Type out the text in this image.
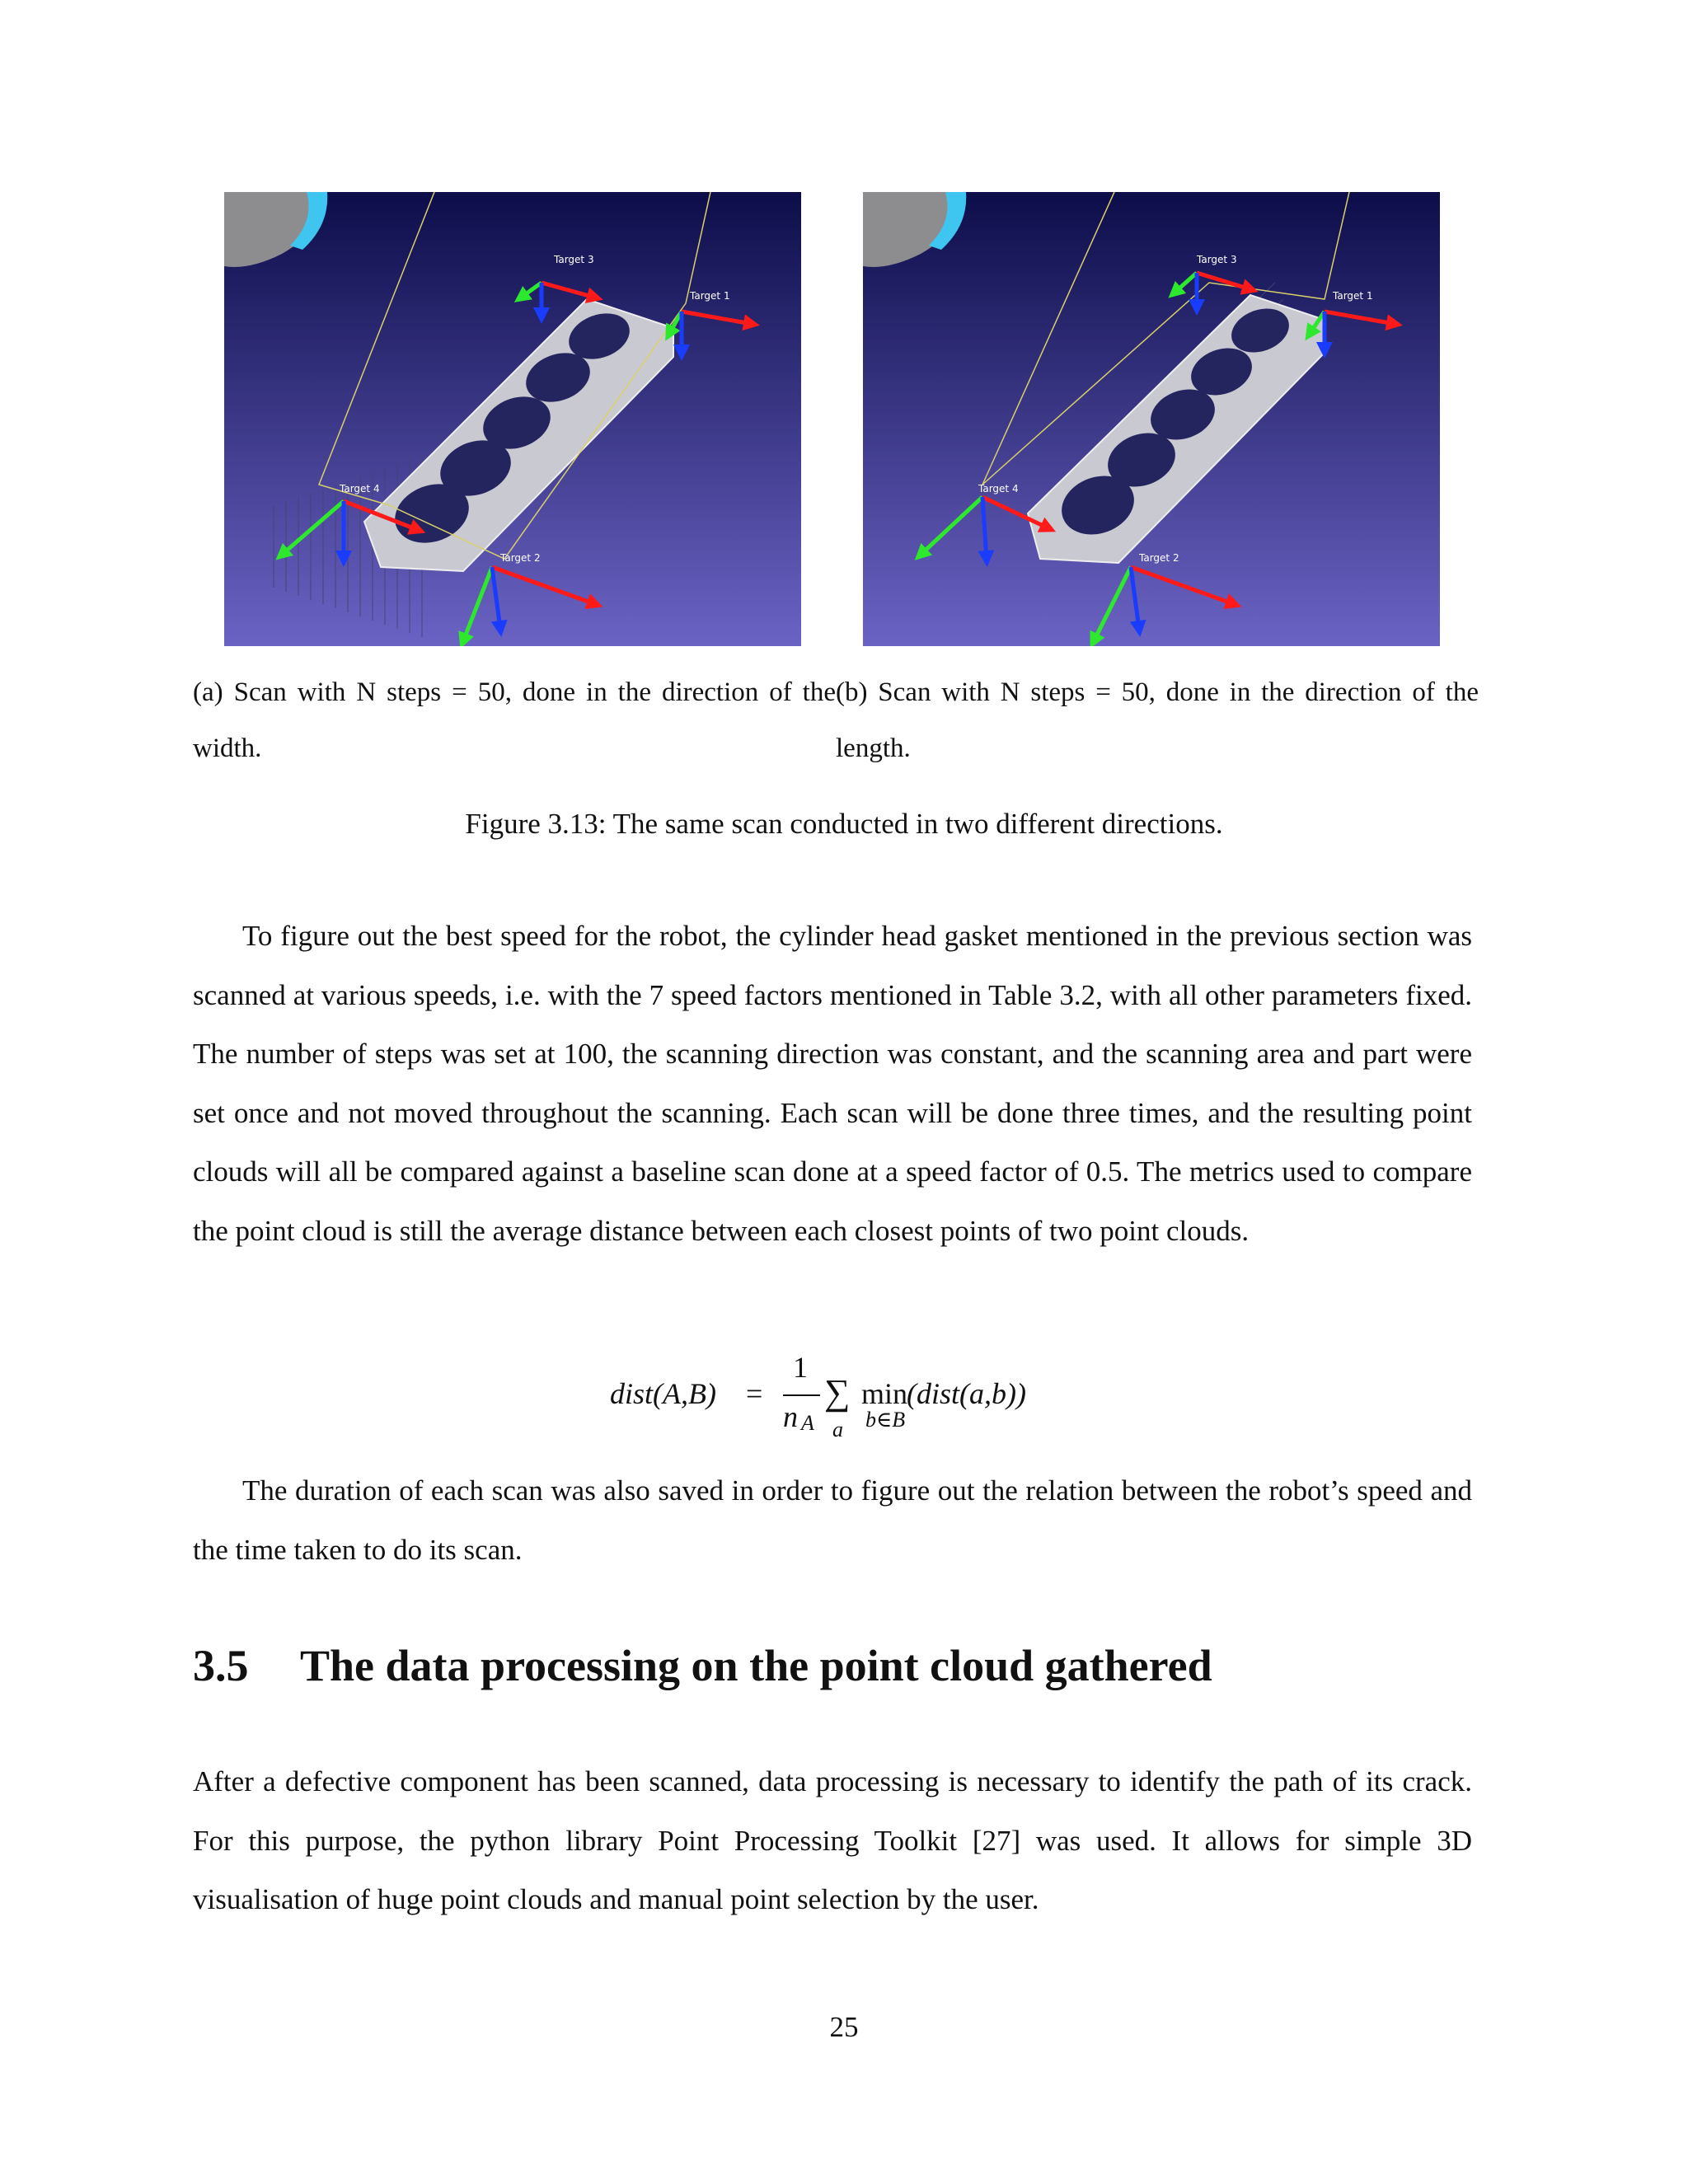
Target 3
Target 1
Target 4
Target 2
Target 3
Target 1
Target 4
Target 2
(a) Scan with N steps = 50, done in the direction of the width.
(b) Scan with N steps = 50, done in the direction of the length.
Figure 3.13: The same scan conducted in two different directions.

To figure out the best speed for the robot, the cylinder head gasket mentioned in the previous section was scanned at various speeds, i.e. with the 7 speed factors mentioned in Table 3.2, with all other parameters fixed. The number of steps was set at 100, the scanning direction was constant, and the scanning area and part were set once and not moved throughout the scanning. Each scan will be done three times, and the resulting point clouds will all be compared against a baseline scan done at a speed factor of 0.5. The metrics used to compare the point cloud is still the average distance between each closest points of two point clouds.

dist(A,B) =
1
n A
∑
a
min
b∈B
(dist(a,b))

The duration of each scan was also saved in order to figure out the relation between the robot’s speed and the time taken to do its scan.

3.5 The data processing on the point cloud gathered

After a defective component has been scanned, data processing is necessary to identify the path of its crack. For this purpose, the python library Point Processing Toolkit [27] was used. It allows for simple 3D visualisation of huge point clouds and manual point selection by the user.

25
